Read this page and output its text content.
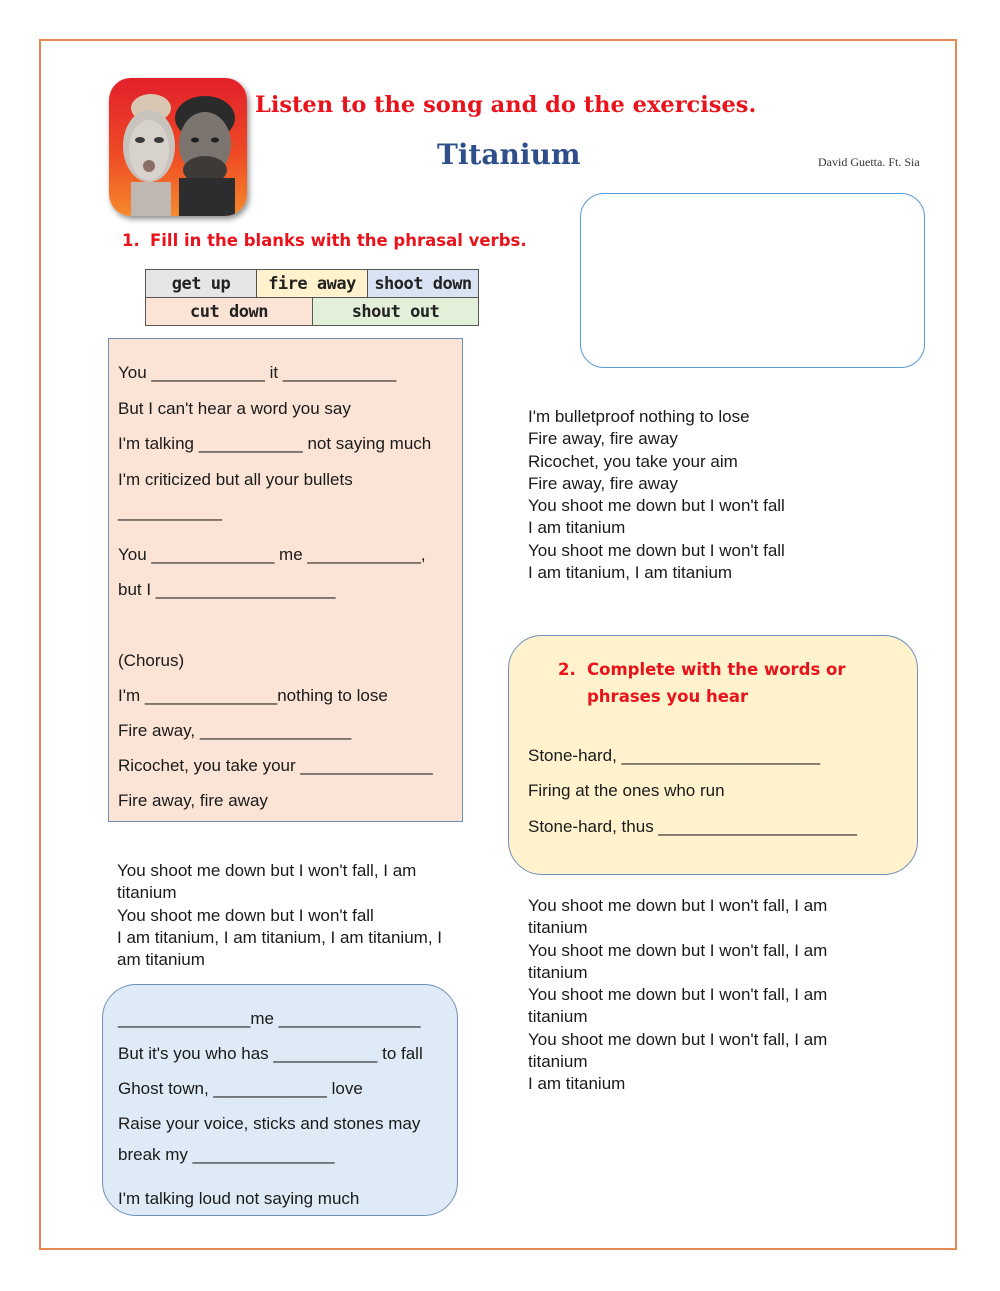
Listen to the song and do the exercises.
Titanium	David Guetta. Ft. Sia
1. Fill in the blanks with the phrasal verbs.
get up	fire away	shoot down
cut down	shout out
You ____________ it ____________
But I can't hear a word you say
I'm talking ___________ not saying much
I'm criticized but all your bullets
___________
You _____________ me ____________,
but I ___________________
(Chorus)
I'm ______________nothing to lose
Fire away, ________________
Ricochet, you take your ______________
Fire away, fire away
I'm bulletproof nothing to lose
Fire away, fire away
Ricochet, you take your aim
Fire away, fire away
You shoot me down but I won't fall
I am titanium
You shoot me down but I won't fall
I am titanium, I am titanium
2. Complete with the words or
phrases you hear
Stone-hard, _____________________
Firing at the ones who run
Stone-hard, thus _____________________
You shoot me down but I won't fall, I am
titanium
You shoot me down but I won't fall
I am titanium, I am titanium, I am titanium, I
am titanium
You shoot me down but I won't fall, I am
titanium
You shoot me down but I won't fall, I am
titanium
You shoot me down but I won't fall, I am
titanium
You shoot me down but I won't fall, I am
titanium
I am titanium
______________me _______________
But it's you who has ___________ to fall
Ghost town, ____________ love
Raise your voice, sticks and stones may
break my _______________
I'm talking loud not saying much
